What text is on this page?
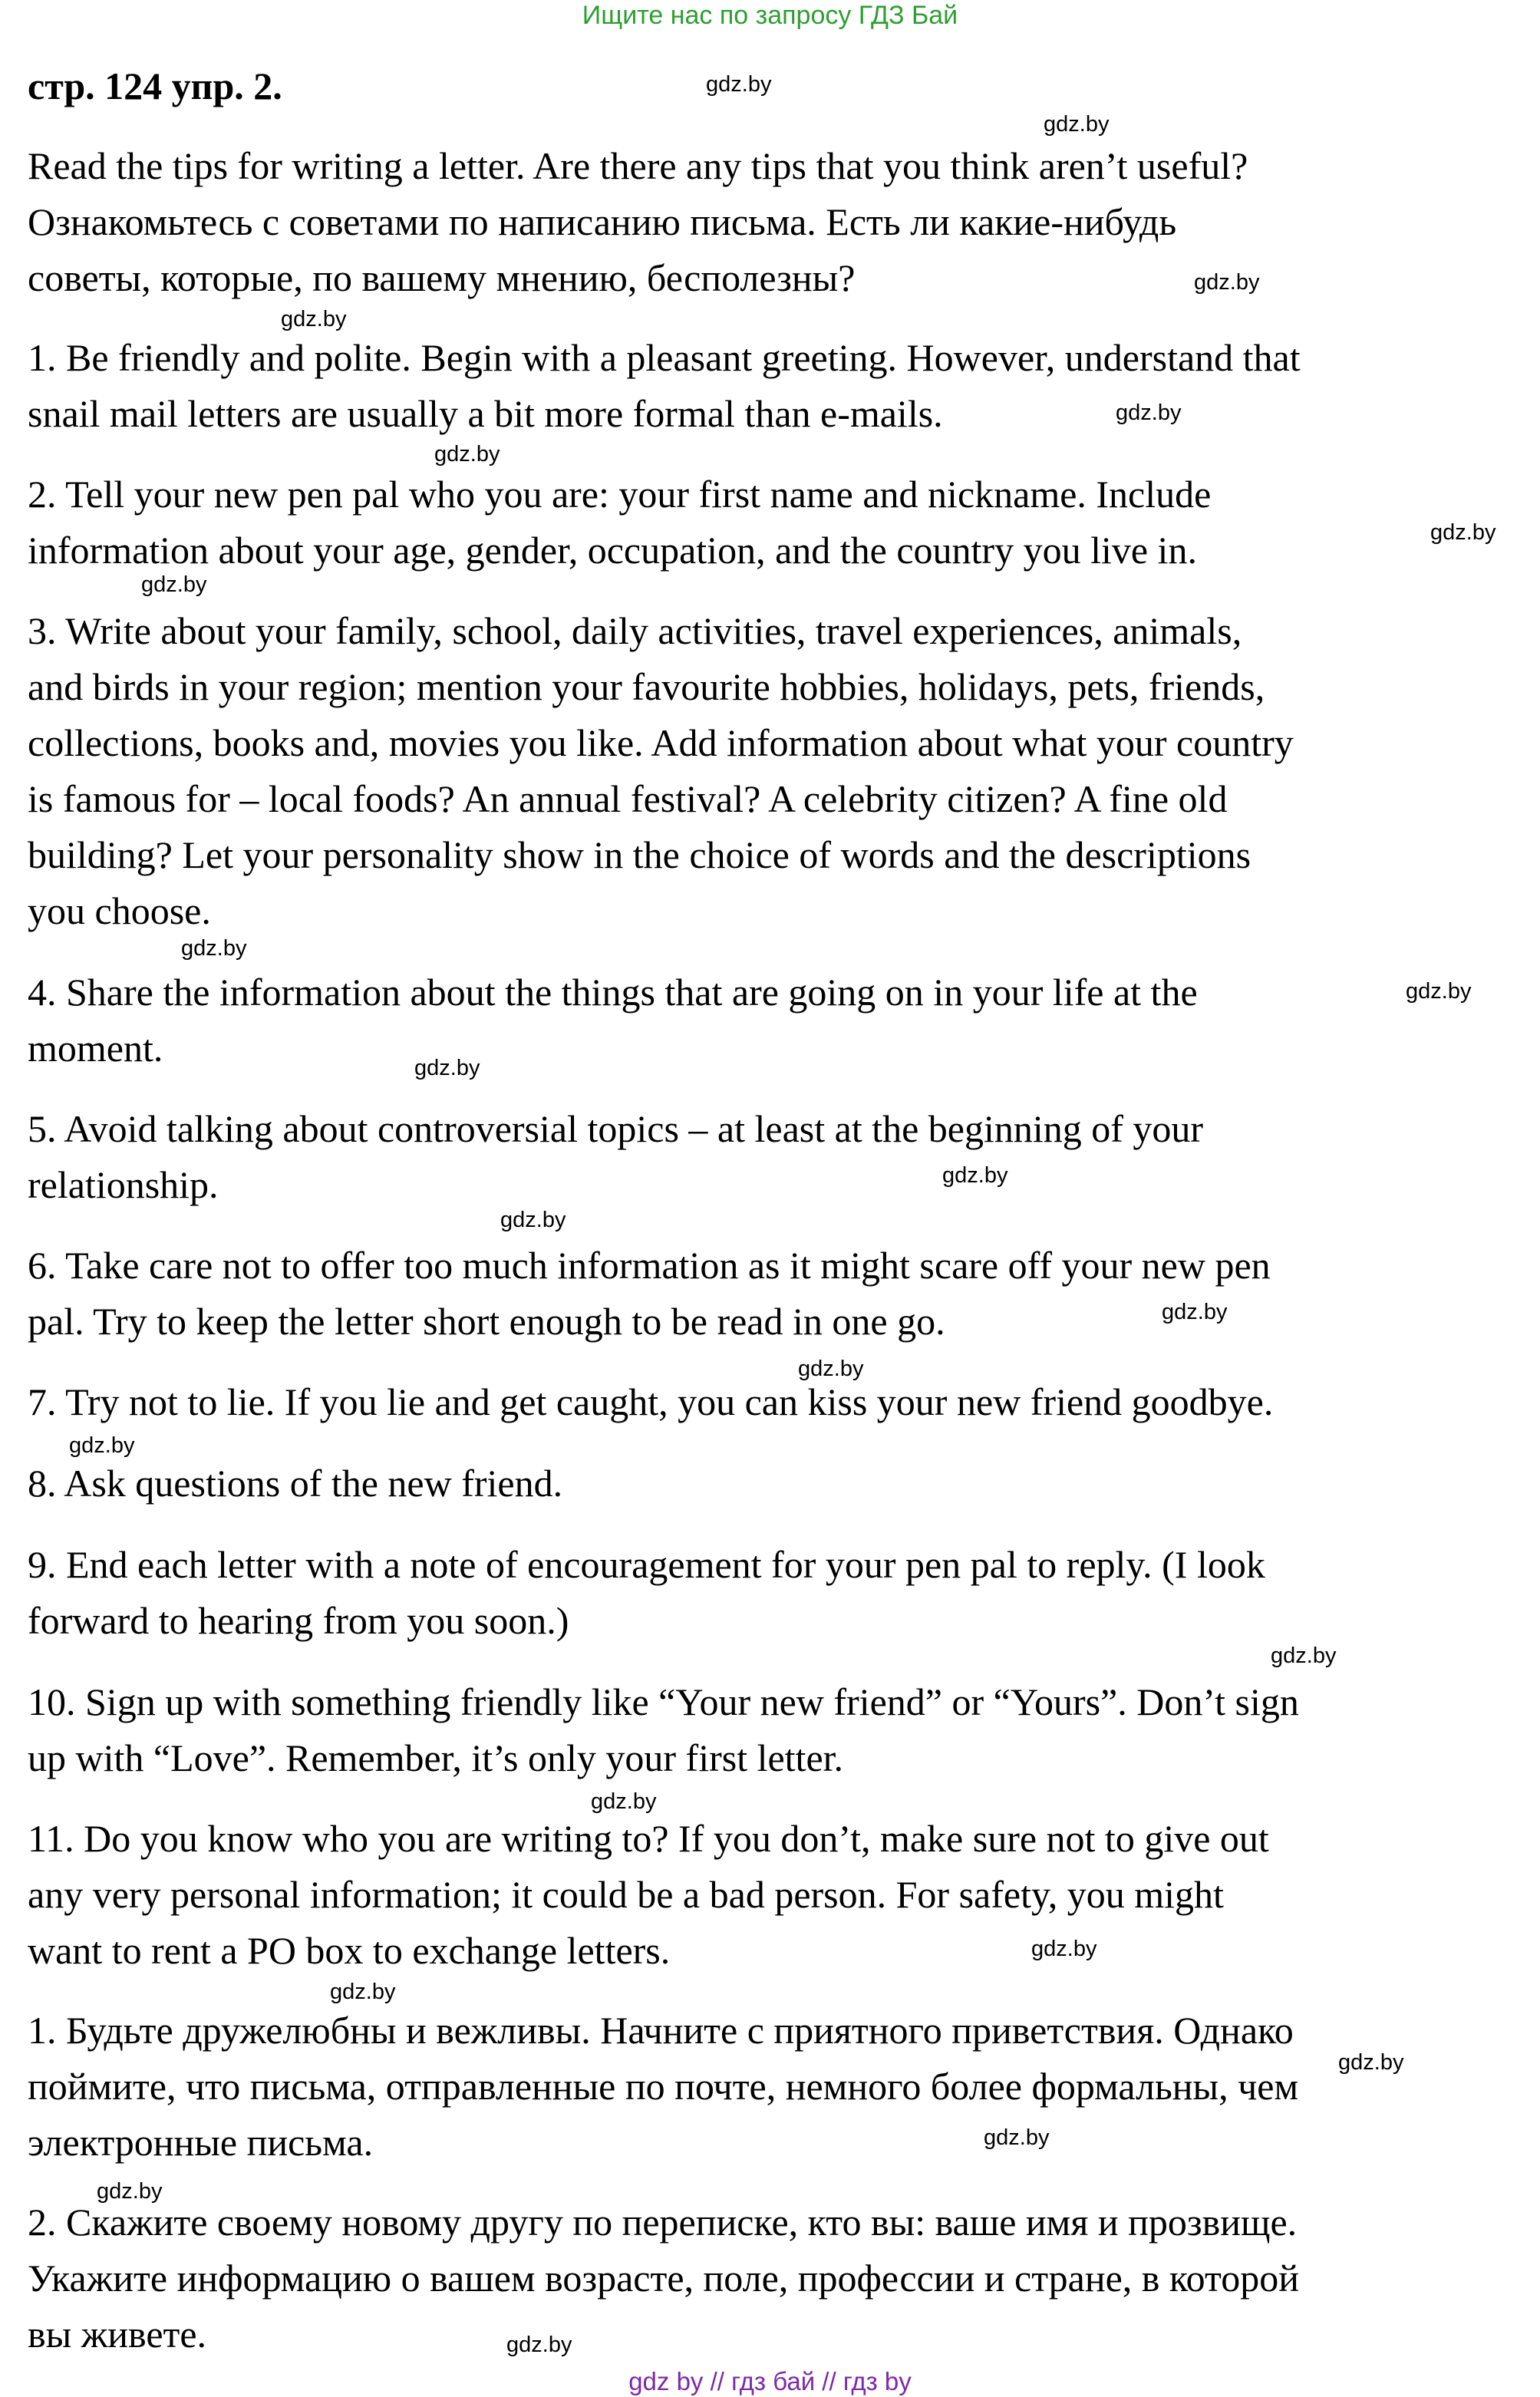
Ищите нас по запросу ГДЗ Бай
стр. 124 упр. 2.
Read the tips for writing a letter. Are there any tips that you think aren’t useful?
Ознакомьтесь с советами по написанию письма. Есть ли какие-нибудь
советы, которые, по вашему мнению, бесполезны?
1. Be friendly and polite. Begin with a pleasant greeting. However, understand that
snail mail letters are usually a bit more formal than e-mails.
2. Tell your new pen pal who you are: your first name and nickname. Include
information about your age, gender, occupation, and the country you live in.
3. Write about your family, school, daily activities, travel experiences, animals,
and birds in your region; mention your favourite hobbies, holidays, pets, friends,
collections, books and, movies you like. Add information about what your country
is famous for – local foods? An annual festival? A celebrity citizen? A fine old
building? Let your personality show in the choice of words and the descriptions
you choose.
4. Share the information about the things that are going on in your life at the
moment.
5. Avoid talking about controversial topics – at least at the beginning of your
relationship.
6. Take care not to offer too much information as it might scare off your new pen
pal. Try to keep the letter short enough to be read in one go.
7. Try not to lie. If you lie and get caught, you can kiss your new friend goodbye.
8. Ask questions of the new friend.
9. End each letter with a note of encouragement for your pen pal to reply. (I look
forward to hearing from you soon.)
10. Sign up with something friendly like “Your new friend” or “Yours”. Don’t sign
up with “Love”. Remember, it’s only your first letter.
11. Do you know who you are writing to? If you don’t, make sure not to give out
any very personal information; it could be a bad person. For safety, you might
want to rent a PO box to exchange letters.
1. Будьте дружелюбны и вежливы. Начните с приятного приветствия. Однако
поймите, что письма, отправленные по почте, немного более формальны, чем
электронные письма.
2. Скажите своему новому другу по переписке, кто вы: ваше имя и прозвище.
Укажите информацию о вашем возрасте, поле, профессии и стране, в которой
вы живете.
gdz.by
gdz.by
gdz.by
gdz.by
gdz.by
gdz.by
gdz.by
gdz.by
gdz.by
gdz.by
gdz.by
gdz.by
gdz.by
gdz.by
gdz.by
gdz.by
gdz.by
gdz.by
gdz.by
gdz.by
gdz.by
gdz.by
gdz.by
gdz.by
gdz by // гдз бай // гдз by
